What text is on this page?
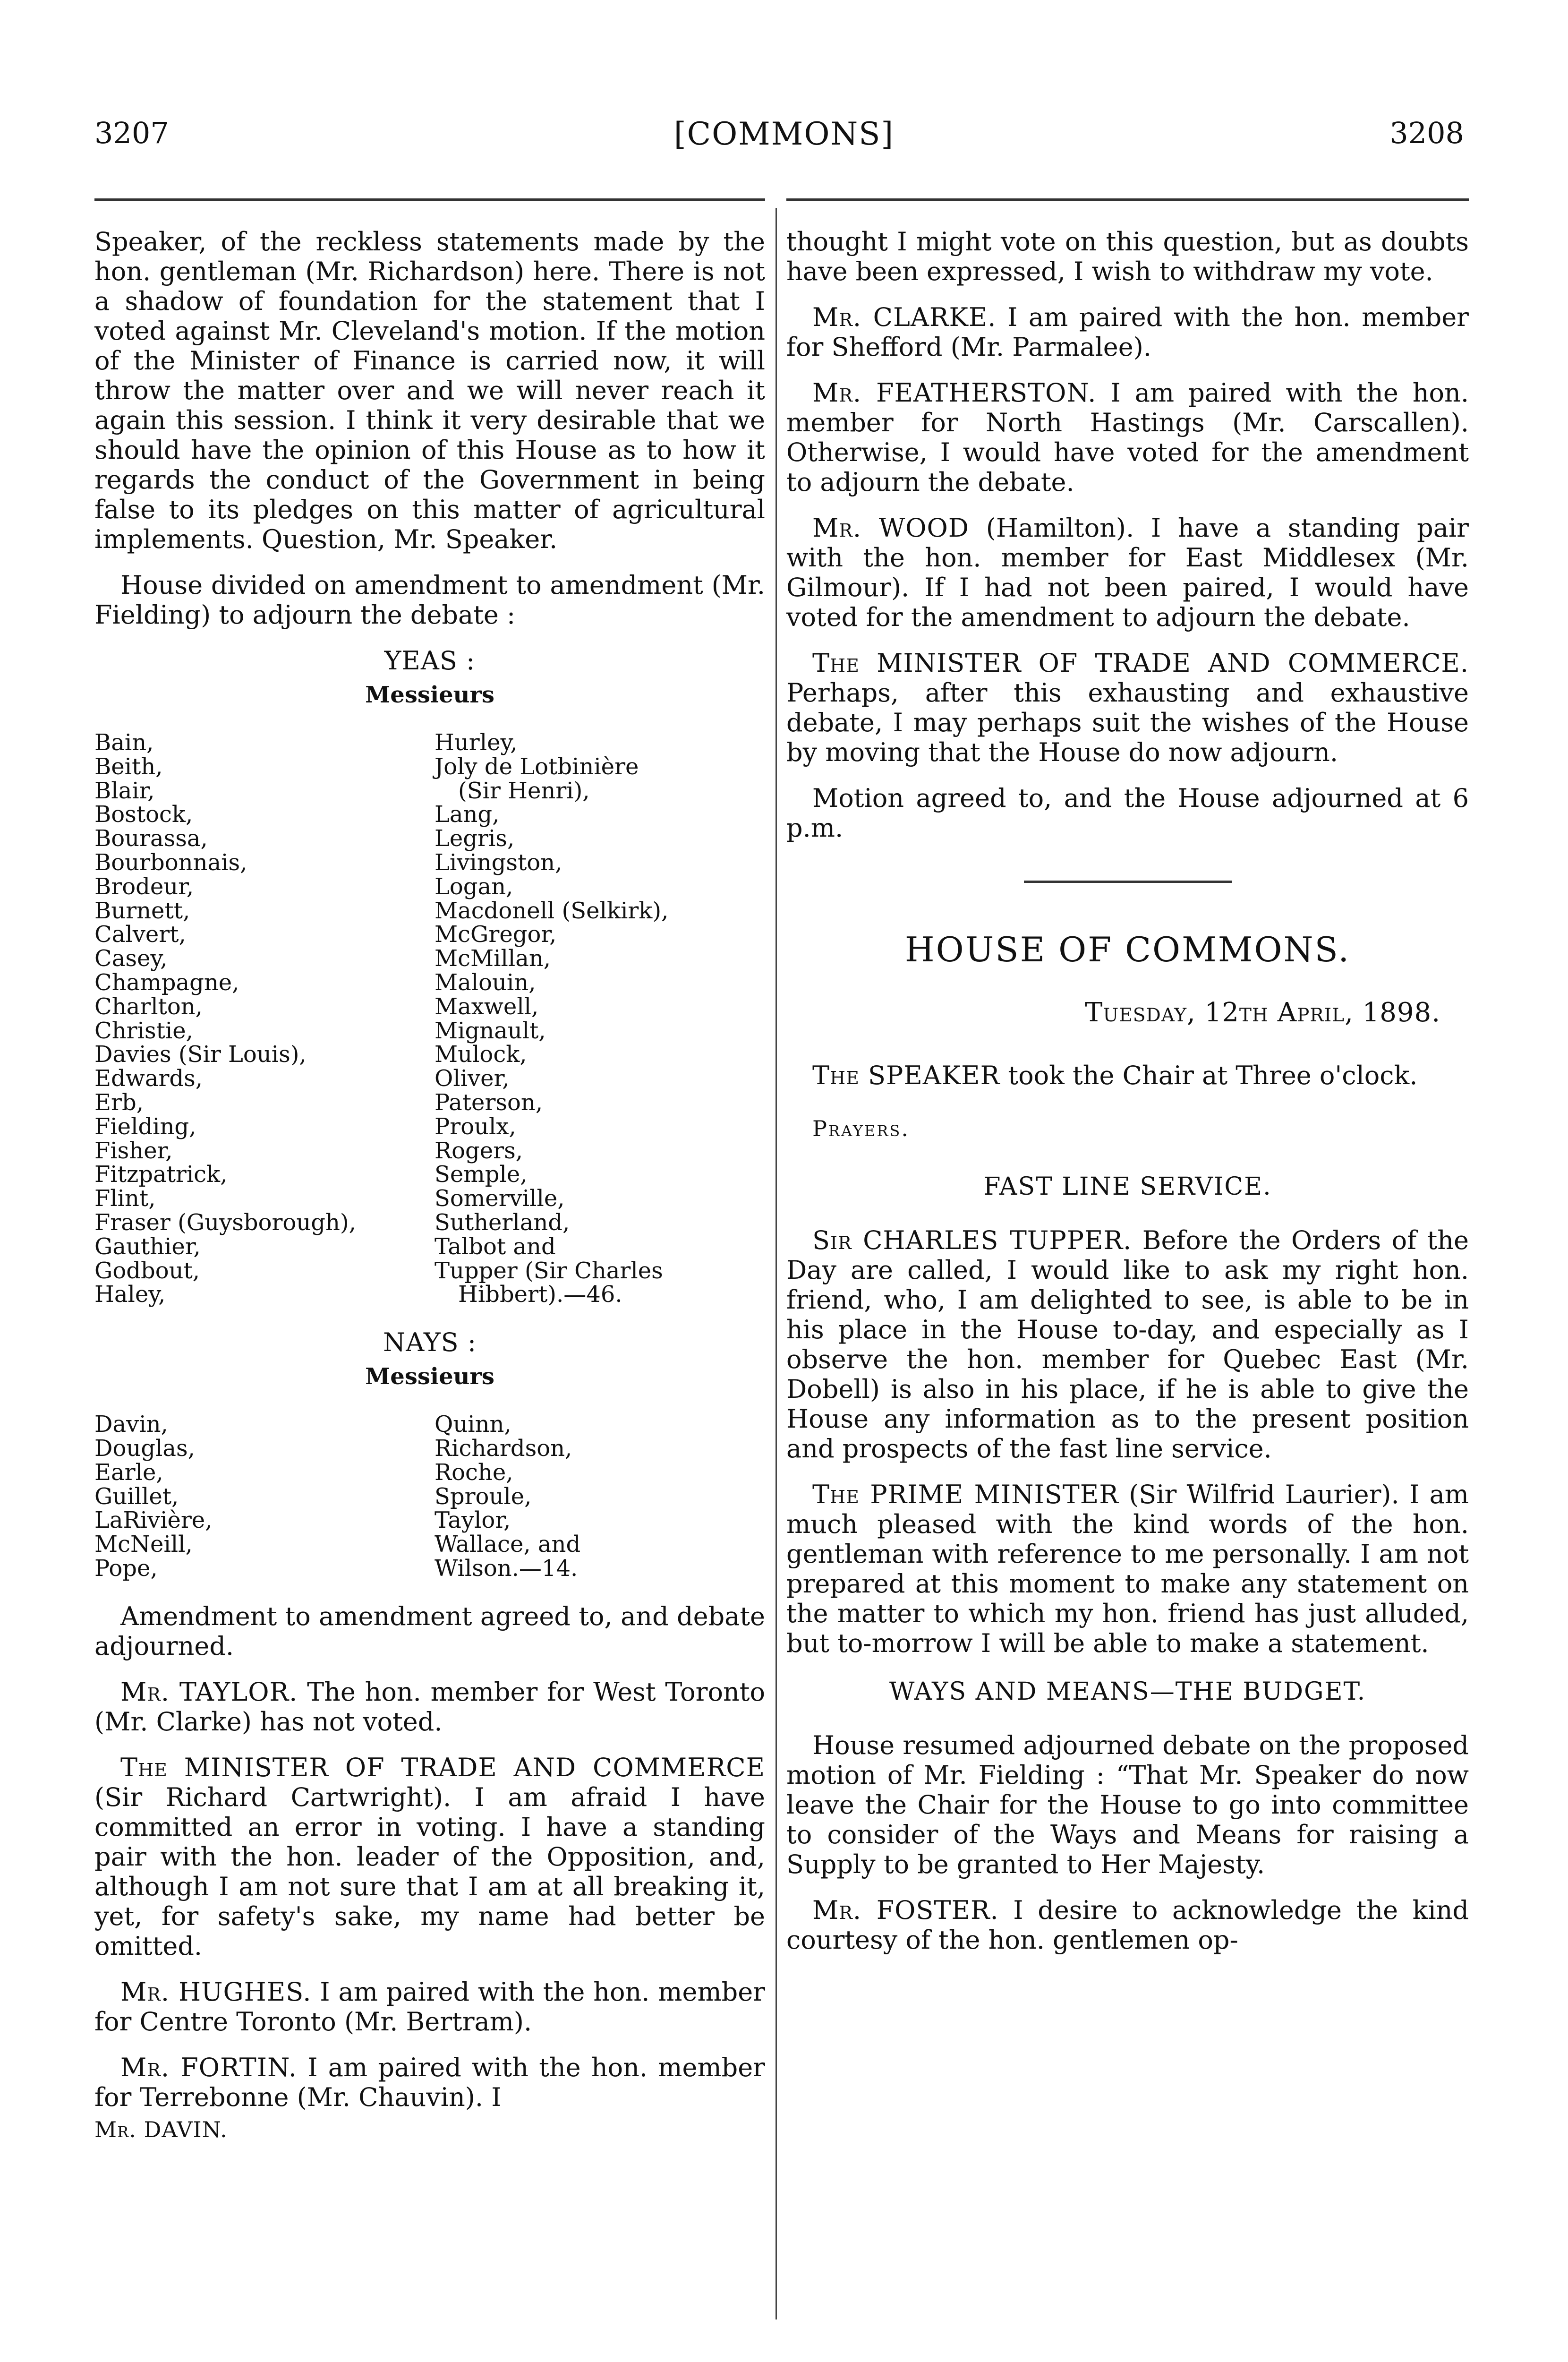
3207	[COMMONS]	3208

Speaker, of the reckless statements made by the hon. gentleman (Mr. Richardson) here. There is not a shadow of foundation for the statement that I voted against Mr. Cleveland's motion. If the motion of the Minister of Finance is carried now, it will throw the matter over and we will never reach it again this session. I think it very desirable that we should have the opinion of this House as to how it regards the conduct of the Government in being false to its pledges on this matter of agricultural implements. Question, Mr. Speaker.

House divided on amendment to amendment (Mr. Fielding) to adjourn the debate :

YEAS :
Messieurs
Bain,
Beith,
Blair,
Bostock,
Bourassa,
Bourbonnais,
Brodeur,
Burnett,
Calvert,
Casey,
Champagne,
Charlton,
Christie,
Davies (Sir Louis),
Edwards,
Erb,
Fielding,
Fisher,
Fitzpatrick,
Flint,
Fraser (Guysborough),
Gauthier,
Godbout,
Haley,
Hurley,
Joly de Lotbinière
(Sir Henri),
Lang,
Legris,
Livingston,
Logan,
Macdonell (Selkirk),
McGregor,
McMillan,
Malouin,
Maxwell,
Mignault,
Mulock,
Oliver,
Paterson,
Proulx,
Rogers,
Semple,
Somerville,
Sutherland,
Talbot and
Tupper (Sir Charles
Hibbert).—46.
NAYS :
Messieurs
Davin,
Douglas,
Earle,
Guillet,
LaRivière,
McNeill,
Pope,
Quinn,
Richardson,
Roche,
Sproule,
Taylor,
Wallace, and
Wilson.—14.

Amendment to amendment agreed to, and debate adjourned.

Mr. TAYLOR. The hon. member for West Toronto (Mr. Clarke) has not voted.

The MINISTER OF TRADE AND COMMERCE (Sir Richard Cartwright). I am afraid I have committed an error in voting. I have a standing pair with the hon. leader of the Opposition, and, although I am not sure that I am at all breaking it, yet, for safety's sake, my name had better be omitted.

Mr. HUGHES. I am paired with the hon. member for Centre Toronto (Mr. Bertram).

Mr. FORTIN. I am paired with the hon. member for Terrebonne (Mr. Chauvin). I

Mr. DAVIN.

thought I might vote on this question, but as doubts have been expressed, I wish to withdraw my vote.

Mr. CLARKE. I am paired with the hon. member for Shefford (Mr. Parmalee).

Mr. FEATHERSTON. I am paired with the hon. member for North Hastings (Mr. Carscallen). Otherwise, I would have voted for the amendment to adjourn the debate.

Mr. WOOD (Hamilton). I have a standing pair with the hon. member for East Middlesex (Mr. Gilmour). If I had not been paired, I would have voted for the amendment to adjourn the debate.

The MINISTER OF TRADE AND COMMERCE. Perhaps, after this exhausting and exhaustive debate, I may perhaps suit the wishes of the House by moving that the House do now adjourn.

Motion agreed to, and the House adjourned at 6 p.m.

HOUSE OF COMMONS.
Tuesday, 12th April, 1898.

The SPEAKER took the Chair at Three o'clock.

Prayers.
FAST LINE SERVICE.

Sir CHARLES TUPPER. Before the Orders of the Day are called, I would like to ask my right hon. friend, who, I am delighted to see, is able to be in his place in the House to-day, and especially as I observe the hon. member for Quebec East (Mr. Dobell) is also in his place, if he is able to give the House any information as to the present position and prospects of the fast line service.

The PRIME MINISTER (Sir Wilfrid Laurier). I am much pleased with the kind words of the hon. gentleman with reference to me personally. I am not prepared at this moment to make any statement on the matter to which my hon. friend has just alluded, but to-morrow I will be able to make a statement.

WAYS AND MEANS—THE BUDGET.

House resumed adjourned debate on the proposed motion of Mr. Fielding : “That Mr. Speaker do now leave the Chair for the House to go into committee to consider of the Ways and Means for raising a Supply to be granted to Her Majesty.

Mr. FOSTER. I desire to acknowledge the kind courtesy of the hon. gentlemen op-
